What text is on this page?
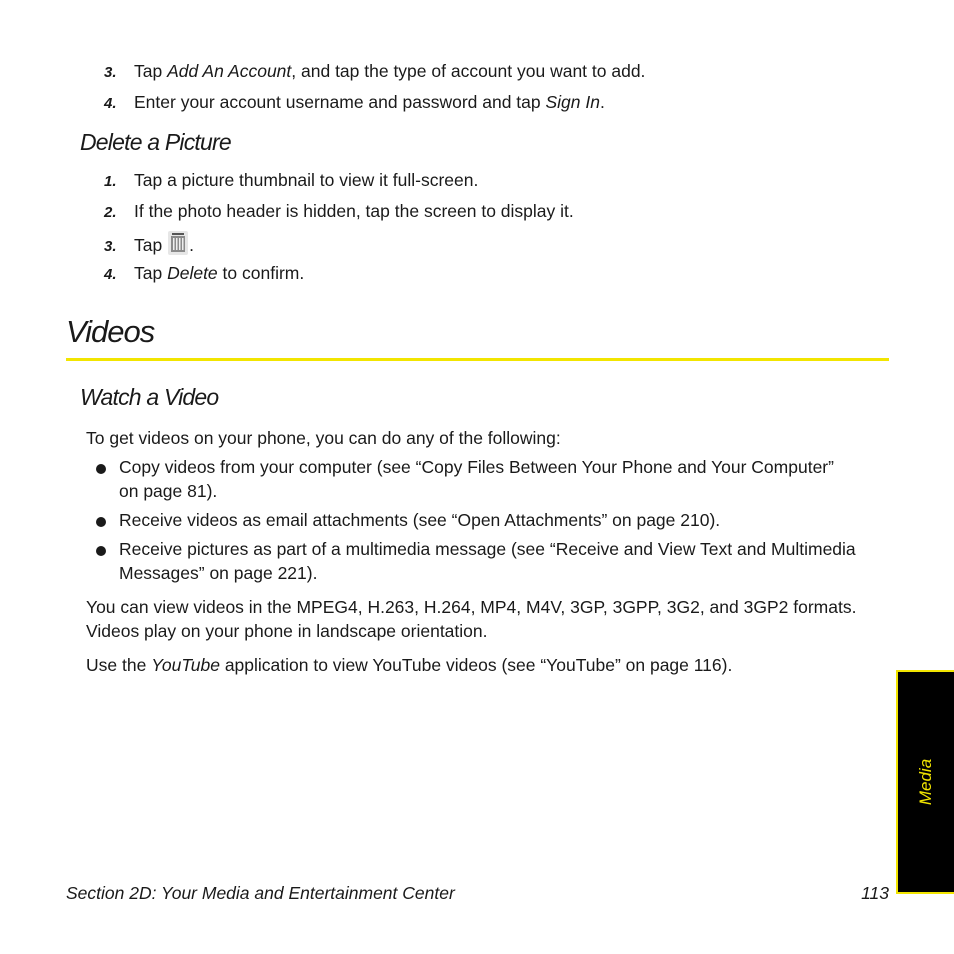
3. Tap Add An Account, and tap the type of account you want to add.
4. Enter your account username and password and tap Sign In.
Delete a Picture
1. Tap a picture thumbnail to view it full-screen.
2. If the photo header is hidden, tap the screen to display it.
3. Tap .
4. Tap Delete to confirm.
Videos
Watch a Video
To get videos on your phone, you can do any of the following:
Copy videos from your computer (see “Copy Files Between Your Phone and Your Computer” on page 81).
Receive videos as email attachments (see “Open Attachments” on page 210).
Receive pictures as part of a multimedia message (see “Receive and View Text and Multimedia Messages” on page 221).
You can view videos in the MPEG4, H.263, H.264, MP4, M4V, 3GP, 3GPP, 3G2, and 3GP2 formats. Videos play on your phone in landscape orientation.
Use the YouTube application to view YouTube videos (see “YouTube” on page 116).
Media
Section 2D: Your Media and Entertainment Center	113
